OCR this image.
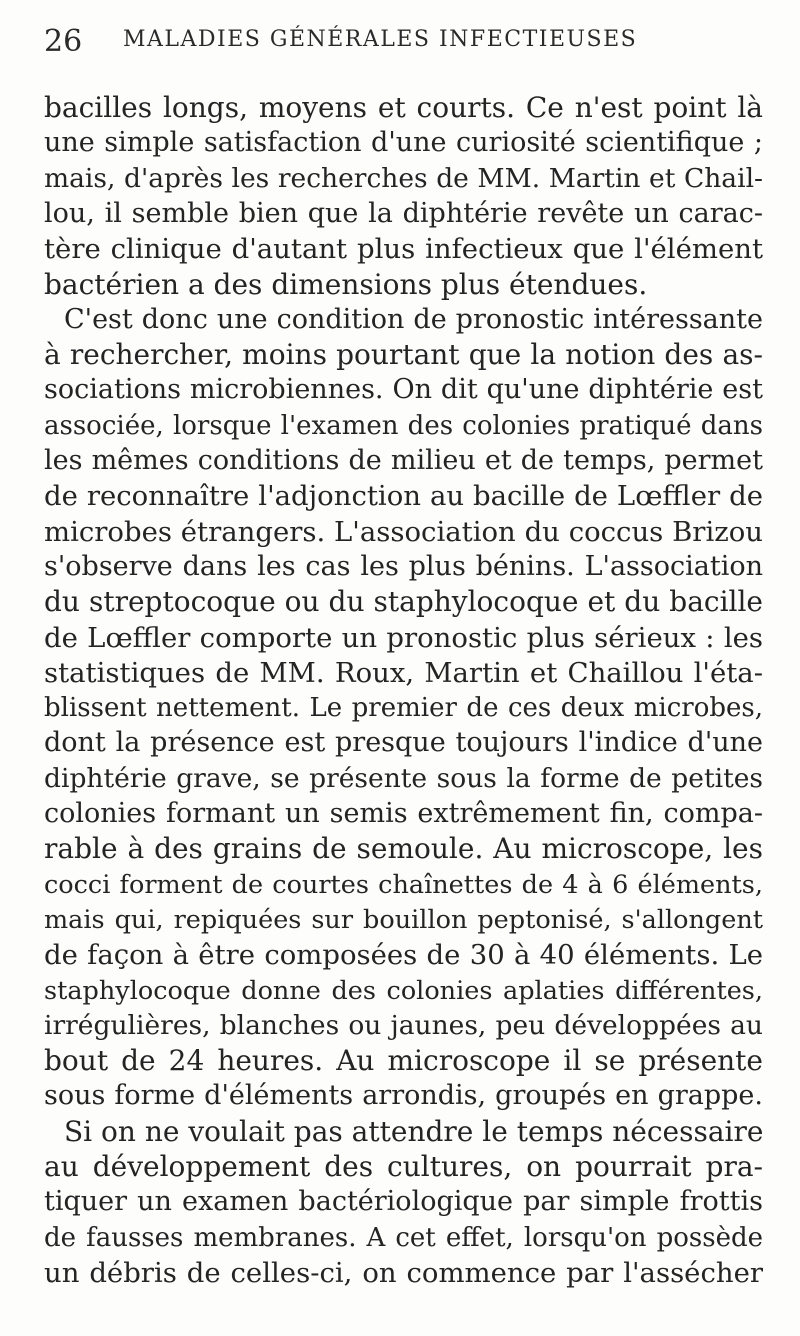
26 MALADIES GÉNÉRALES INFECTIEUSES
bacilles longs, moyens et courts. Ce n'est point là
une simple satisfaction d'une curiosité scientifique ;
mais, d'après les recherches de MM. Martin et Chail-
lou, il semble bien que la diphtérie revête un carac-
tère clinique d'autant plus infectieux que l'élément
bactérien a des dimensions plus étendues.
C'est donc une condition de pronostic intéressante
à rechercher, moins pourtant que la notion des as-
sociations microbiennes. On dit qu'une diphtérie est
associée, lorsque l'examen des colonies pratiqué dans
les mêmes conditions de milieu et de temps, permet
de reconnaître l'adjonction au bacille de Lœffler de
microbes étrangers. L'association du coccus Brizou
s'observe dans les cas les plus bénins. L'association
du streptocoque ou du staphylocoque et du bacille
de Lœffler comporte un pronostic plus sérieux : les
statistiques de MM. Roux, Martin et Chaillou l'éta-
blissent nettement. Le premier de ces deux microbes,
dont la présence est presque toujours l'indice d'une
diphtérie grave, se présente sous la forme de petites
colonies formant un semis extrêmement fin, compa-
rable à des grains de semoule. Au microscope, les
cocci forment de courtes chaînettes de 4 à 6 éléments,
mais qui, repiquées sur bouillon peptonisé, s'allongent
de façon à être composées de 30 à 40 éléments. Le
staphylocoque donne des colonies aplaties différentes,
irrégulières, blanches ou jaunes, peu développées au
bout de 24 heures. Au microscope il se présente
sous forme d'éléments arrondis, groupés en grappe.
Si on ne voulait pas attendre le temps nécessaire
au développement des cultures, on pourrait pra-
tiquer un examen bactériologique par simple frottis
de fausses membranes. A cet effet, lorsqu'on possède
un débris de celles-ci, on commence par l'assécher
